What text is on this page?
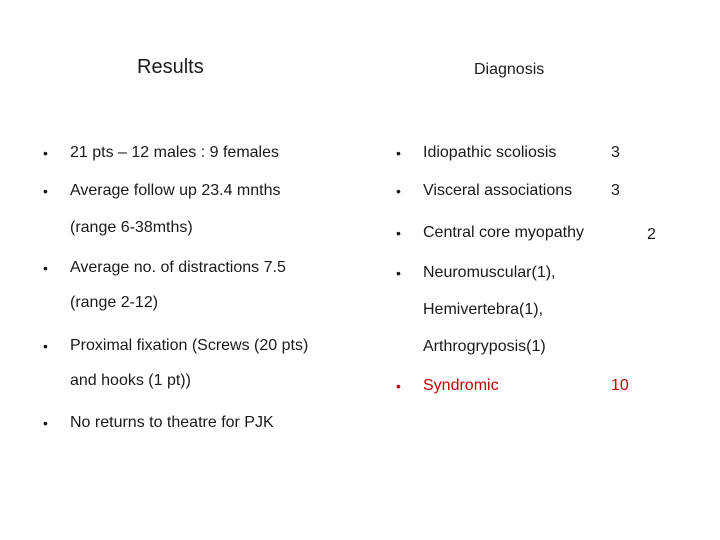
Results	Diagnosis
• 21 pts – 12 males : 9 females
• Average follow up 23.4 mnths
(range 6-38mths)
• Average no. of distractions 7.5
(range 2-12)
• Proximal fixation (Screws (20 pts)
and hooks (1 pt))
• No returns to theatre for PJK
• Idiopathic scoliosis	3
• Visceral associations 3
• Central core myopathy	2
• Neuromuscular(1),
Hemivertebra(1),
Arthrogryposis(1)
• Syndromic	10
